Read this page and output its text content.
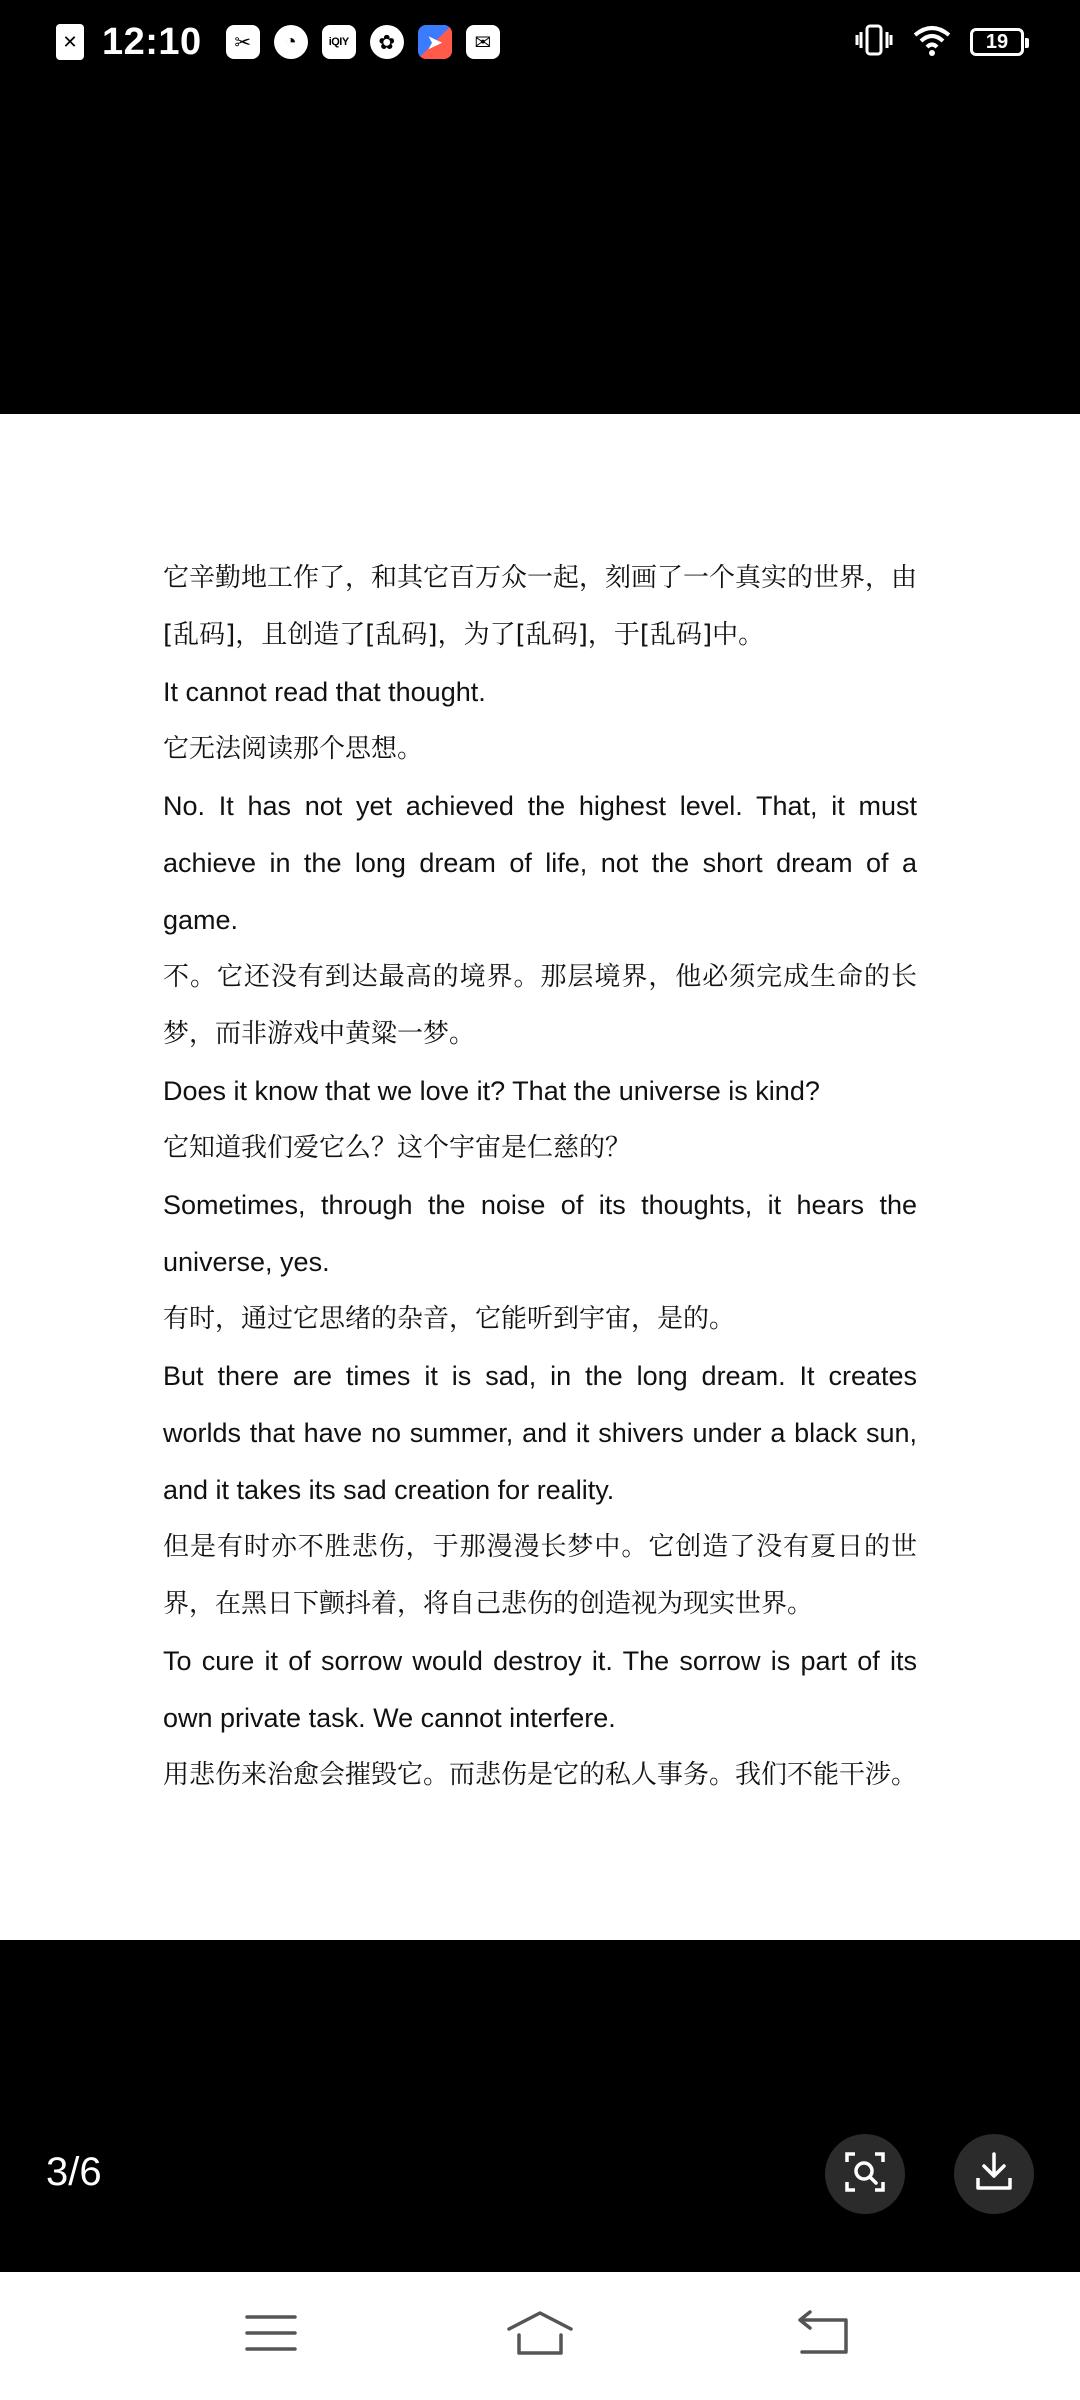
✕ 12:10	✂	◔	iQIY	✿	➤	✉	19

它辛勤地工作了，和其它百万众一起，刻画了一个真实的世界，由[乱码]，且创造了[乱码]，为了[乱码]，于[乱码]中。

It cannot read that thought.

它无法阅读那个思想。

No. It has not yet achieved the highest level. That, it must achieve in the long dream of life, not the short dream of a game.

不。它还没有到达最高的境界。那层境界，他必须完成生命的长梦，而非游戏中黄粱一梦。

Does it know that we love it? That the universe is kind?

它知道我们爱它么？这个宇宙是仁慈的？

Sometimes, through the noise of its thoughts, it hears the universe, yes.

有时，通过它思绪的杂音，它能听到宇宙，是的。

But there are times it is sad, in the long dream. It creates worlds that have no summer, and it shivers under a black sun, and it takes its sad creation for reality.

但是有时亦不胜悲伤，于那漫漫长梦中。它创造了没有夏日的世界，在黑日下颤抖着，将自己悲伤的创造视为现实世界。

To cure it of sorrow would destroy it. The sorrow is part of its own private task. We cannot interfere.

用悲伤来治愈会摧毁它。而悲伤是它的私人事务。我们不能干涉。

3/6
